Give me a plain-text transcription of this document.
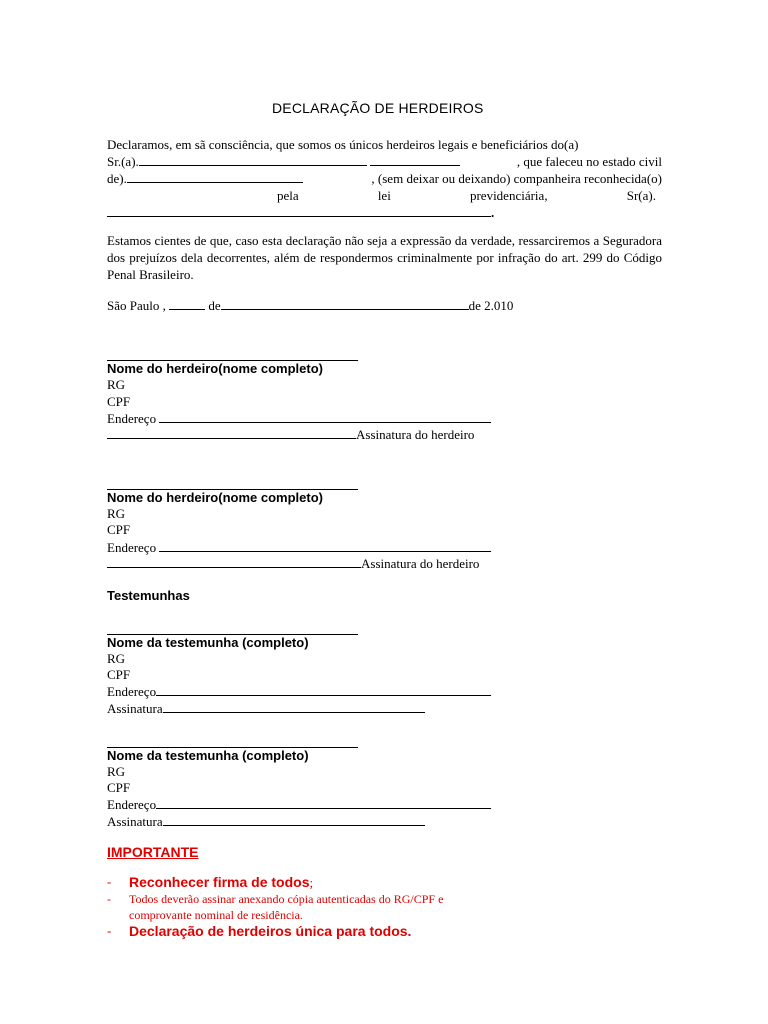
DECLARAÇÃO DE HERDEIROS
Declaramos, em sã consciência, que somos os únicos herdeiros legais e beneficiários do(a)
Sr.(a).	, que faleceu no estado civil
de).	, (sem deixar ou deixando) companheira reconhecida(o)
pela	lei	previdenciária,	Sr(a).
.
Estamos cientes de que, caso esta declaração não seja a expressão da verdade, ressarciremos a Seguradora dos prejuízos dela decorrentes, além de respondermos criminalmente por infração do art. 299 do Código Penal Brasileiro.
São Paulo ,	de	de 2.010
Nome do herdeiro(nome completo)
RG
CPF
Endereço
Assinatura do herdeiro
Nome do herdeiro(nome completo)
RG
CPF
Endereço
Assinatura do herdeiro
Testemunhas
Nome da testemunha (completo)
RG
CPF
Endereço
Assinatura
Nome da testemunha (completo)
RG
CPF
Endereço
Assinatura
IMPORTANTE
- Reconhecer firma de todos;
- Todos deverão assinar anexando cópia autenticadas do RG/CPF e
comprovante nominal de residência.
- Declaração de herdeiros única para todos.
